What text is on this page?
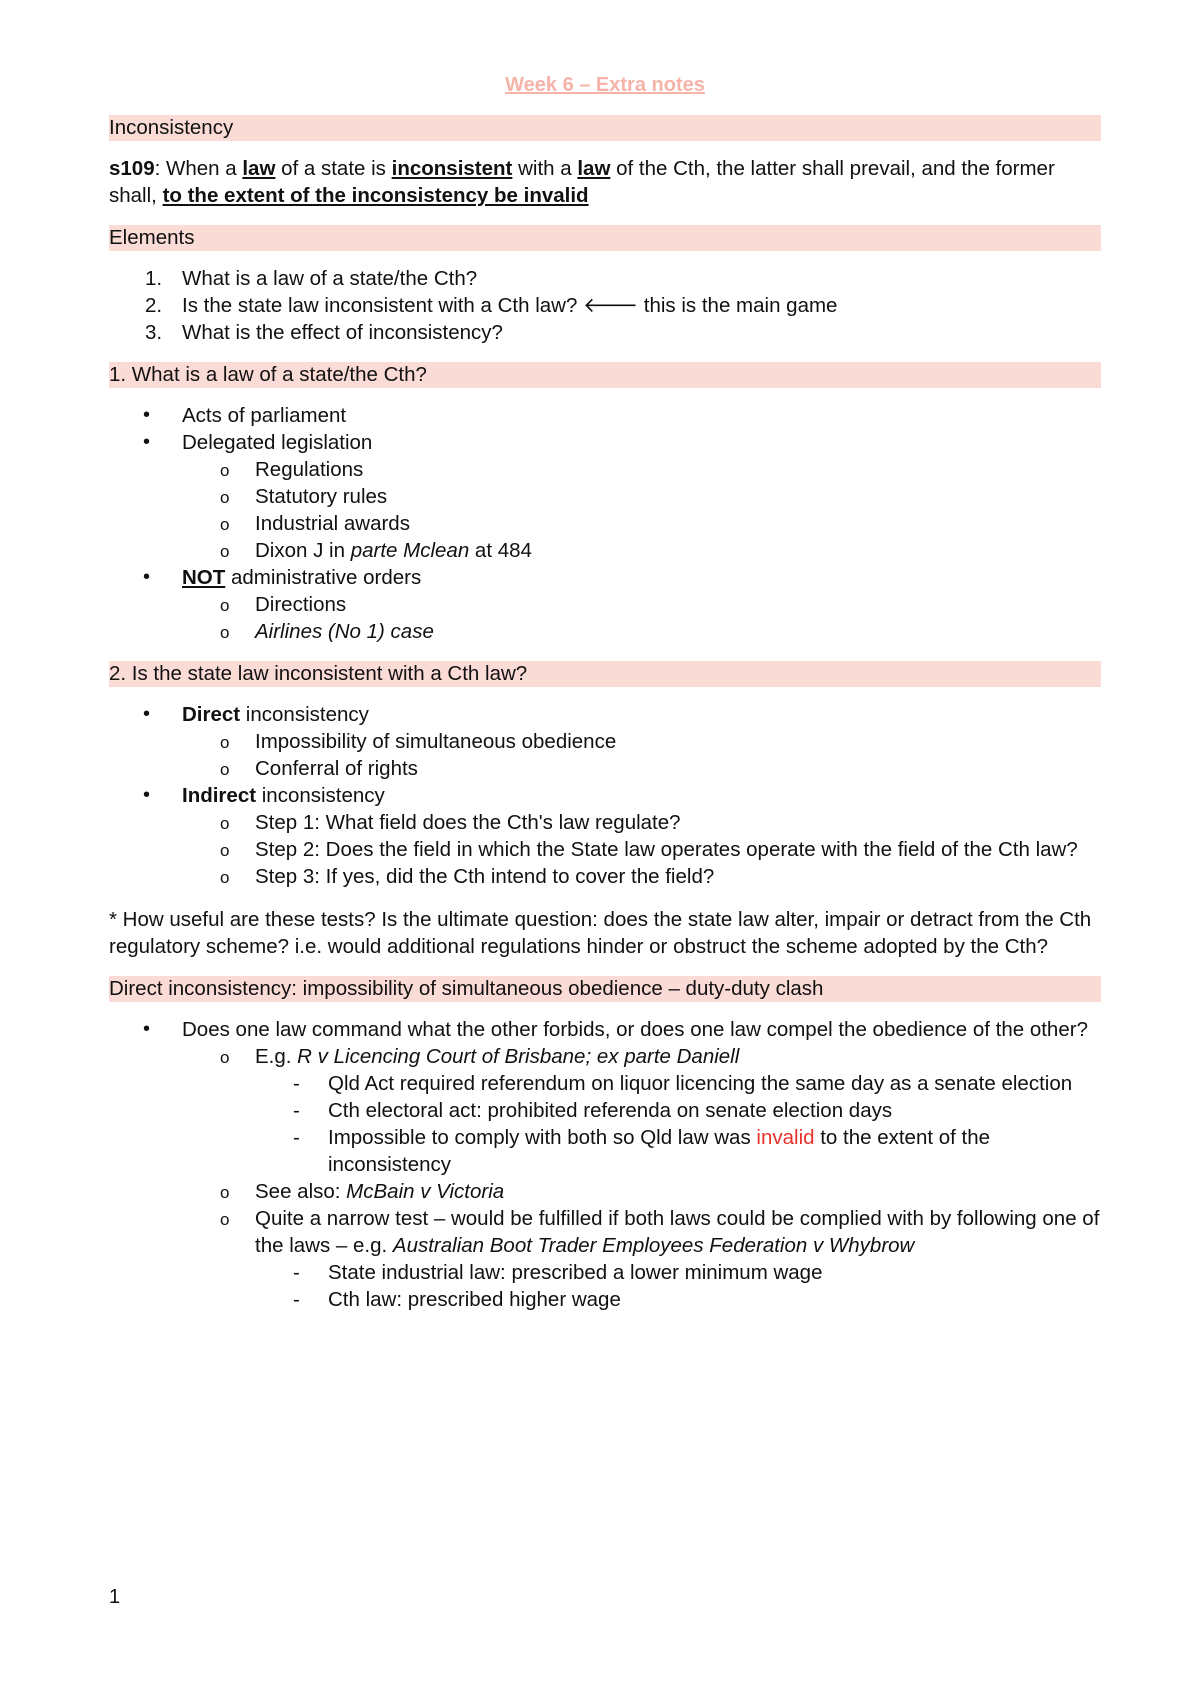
Week 6 – Extra notes
Inconsistency
s109: When a law of a state is inconsistent with a law of the Cth, the latter shall prevail, and the former shall, to the extent of the inconsistency be invalid
Elements
1. What is a law of a state/the Cth?
2. Is the state law inconsistent with a Cth law? 🡐 this is the main game
3. What is the effect of inconsistency?
1. What is a law of a state/the Cth?
• Acts of parliament
• Delegated legislation
o Regulations
o Statutory rules
o Industrial awards
o Dixon J in parte Mclean at 484
• NOT administrative orders
o Directions
o Airlines (No 1) case
2. Is the state law inconsistent with a Cth law?
• Direct inconsistency
o Impossibility of simultaneous obedience
o Conferral of rights
• Indirect inconsistency
o Step 1: What field does the Cth's law regulate?
o Step 2: Does the field in which the State law operates operate with the field of the Cth law?
o Step 3: If yes, did the Cth intend to cover the field?
* How useful are these tests? Is the ultimate question: does the state law alter, impair or detract from the Cth regulatory scheme? i.e. would additional regulations hinder or obstruct the scheme adopted by the Cth?
Direct inconsistency: impossibility of simultaneous obedience – duty-duty clash
• Does one law command what the other forbids, or does one law compel the obedience of the other?
o E.g. R v Licencing Court of Brisbane; ex parte Daniell
- Qld Act required referendum on liquor licencing the same day as a senate election
- Cth electoral act: prohibited referenda on senate election days
- Impossible to comply with both so Qld law was invalid to the extent of the inconsistency
o See also: McBain v Victoria
o Quite a narrow test – would be fulfilled if both laws could be complied with by following one of the laws – e.g. Australian Boot Trader Employees Federation v Whybrow
- State industrial law: prescribed a lower minimum wage
- Cth law: prescribed higher wage
1
